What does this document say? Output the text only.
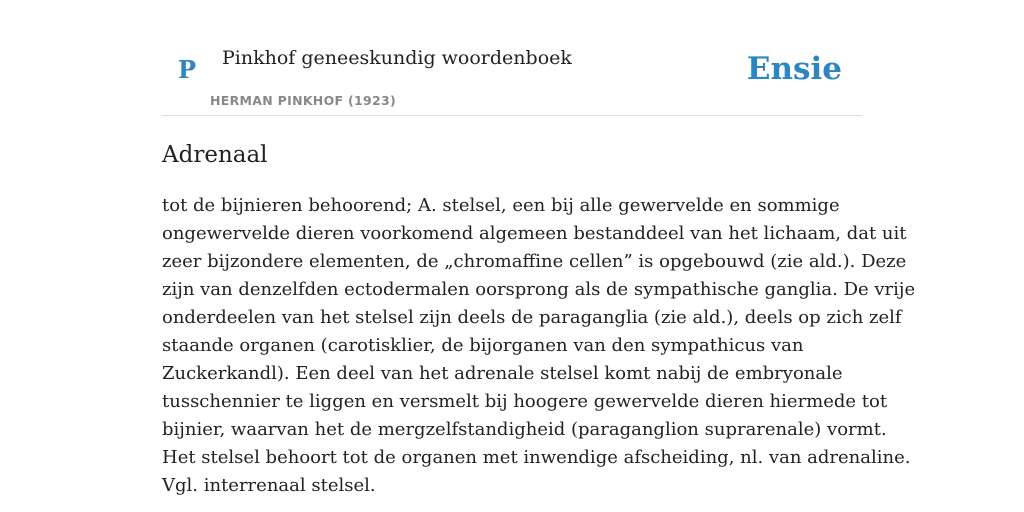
P Pinkhof geneeskundig woordenboek
HERMAN PINKHOF (1923)
Ensie
Adrenaal

tot de bijnieren behoorend; A. stelsel, een bij alle gewervelde en sommige
ongewervelde dieren voorkomend algemeen bestanddeel van het lichaam, dat uit
zeer bijzondere elementen, de „chromaffine cellen” is opgebouwd (zie ald.). Deze
zijn van denzelfden ectodermalen oorsprong als de sympathische ganglia. De vrije
onderdeelen van het stelsel zijn deels de paraganglia (zie ald.), deels op zich zelf
staande organen (carotisklier, de bijorganen van den sympathicus van
Zuckerkandl). Een deel van het adrenale stelsel komt nabij de embryonale
tusschennier te liggen en versmelt bij hoogere gewervelde dieren hiermede tot
bijnier, waarvan het de mergzelfstandigheid (paraganglion suprarenale) vormt.
Het stelsel behoort tot de organen met inwendige afscheiding, nl. van adrenaline.
Vgl. interrenaal stelsel.
